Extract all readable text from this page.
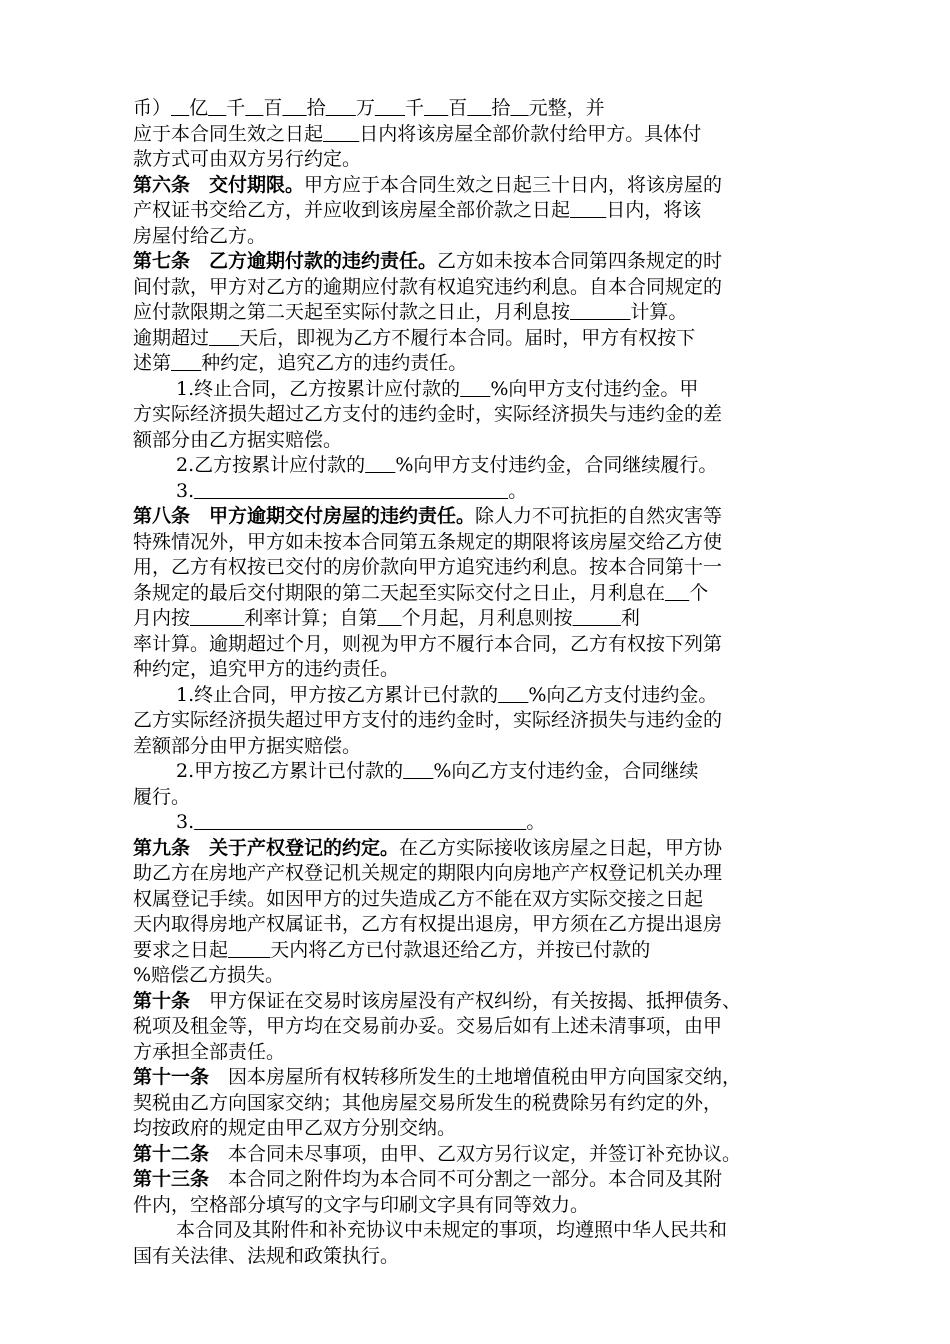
币） 亿 千 百 拾 万 千 百 拾 元整，并
应于本合同生效之日起 日内将该房屋全部价款付给甲方。具体付
款方式可由双方另行约定。
第六条　交付期限。甲方应于本合同生效之日起三十日内，将该房屋的
产权证书交给乙方，并应收到该房屋全部价款之日起 日内，将该
房屋付给乙方。
第七条　乙方逾期付款的违约责任。乙方如未按本合同第四条规定的时
间付款，甲方对乙方的逾期应付款有权追究违约利息。自本合同规定的
应付款限期之第二天起至实际付款之日止，月利息按	计算。
逾期超过 天后，即视为乙方不履行本合同。届时，甲方有权按下
述第 种约定，追究乙方的违约责任。
1.终止合同，乙方按累计应付款的 %向甲方支付违约金。甲
方实际经济损失超过乙方支付的违约金时，实际经济损失与违约金的差
额部分由乙方据实赔偿。
2.乙方按累计应付款的 %向甲方支付违约金，合同继续履行。
3.	。
第八条　甲方逾期交付房屋的违约责任。除人力不可抗拒的自然灾害等
特殊情况外，甲方如未按本合同第五条规定的期限将该房屋交给乙方使
用，乙方有权按已交付的房价款向甲方追究违约利息。按本合同第十一
条规定的最后交付期限的第二天起至实际交付之日止，月利息在 个
月内按	利率计算；自第 个月起，月利息则按	利
率计算。逾期超过个月，则视为甲方不履行本合同，乙方有权按下列第
种约定，追究甲方的违约责任。
1.终止合同，甲方按乙方累计已付款的 %向乙方支付违约金。
乙方实际经济损失超过甲方支付的违约金时，实际经济损失与违约金的
差额部分由甲方据实赔偿。
2.甲方按乙方累计已付款的 %向乙方支付违约金，合同继续
履行。
3.	。
第九条　关于产权登记的约定。在乙方实际接收该房屋之日起，甲方协
助乙方在房地产产权登记机关规定的期限内向房地产产权登记机关办理
权属登记手续。如因甲方的过失造成乙方不能在双方实际交接之日起
天内取得房地产权属证书，乙方有权提出退房，甲方须在乙方提出退房
要求之日起 天内将乙方已付款退还给乙方，并按已付款的
%赔偿乙方损失。
第十条　甲方保证在交易时该房屋没有产权纠纷，有关按揭、抵押债务、
税项及租金等，甲方均在交易前办妥。交易后如有上述未清事项，由甲
方承担全部责任。
第十一条　因本房屋所有权转移所发生的土地增值税由甲方向国家交纳，
契税由乙方向国家交纳；其他房屋交易所发生的税费除另有约定的外，
均按政府的规定由甲乙双方分别交纳。
第十二条　本合同未尽事项，由甲、乙双方另行议定，并签订补充协议。
第十三条　本合同之附件均为本合同不可分割之一部分。本合同及其附
件内，空格部分填写的文字与印刷文字具有同等效力。
本合同及其附件和补充协议中未规定的事项，均遵照中华人民共和
国有关法律、法规和政策执行。
